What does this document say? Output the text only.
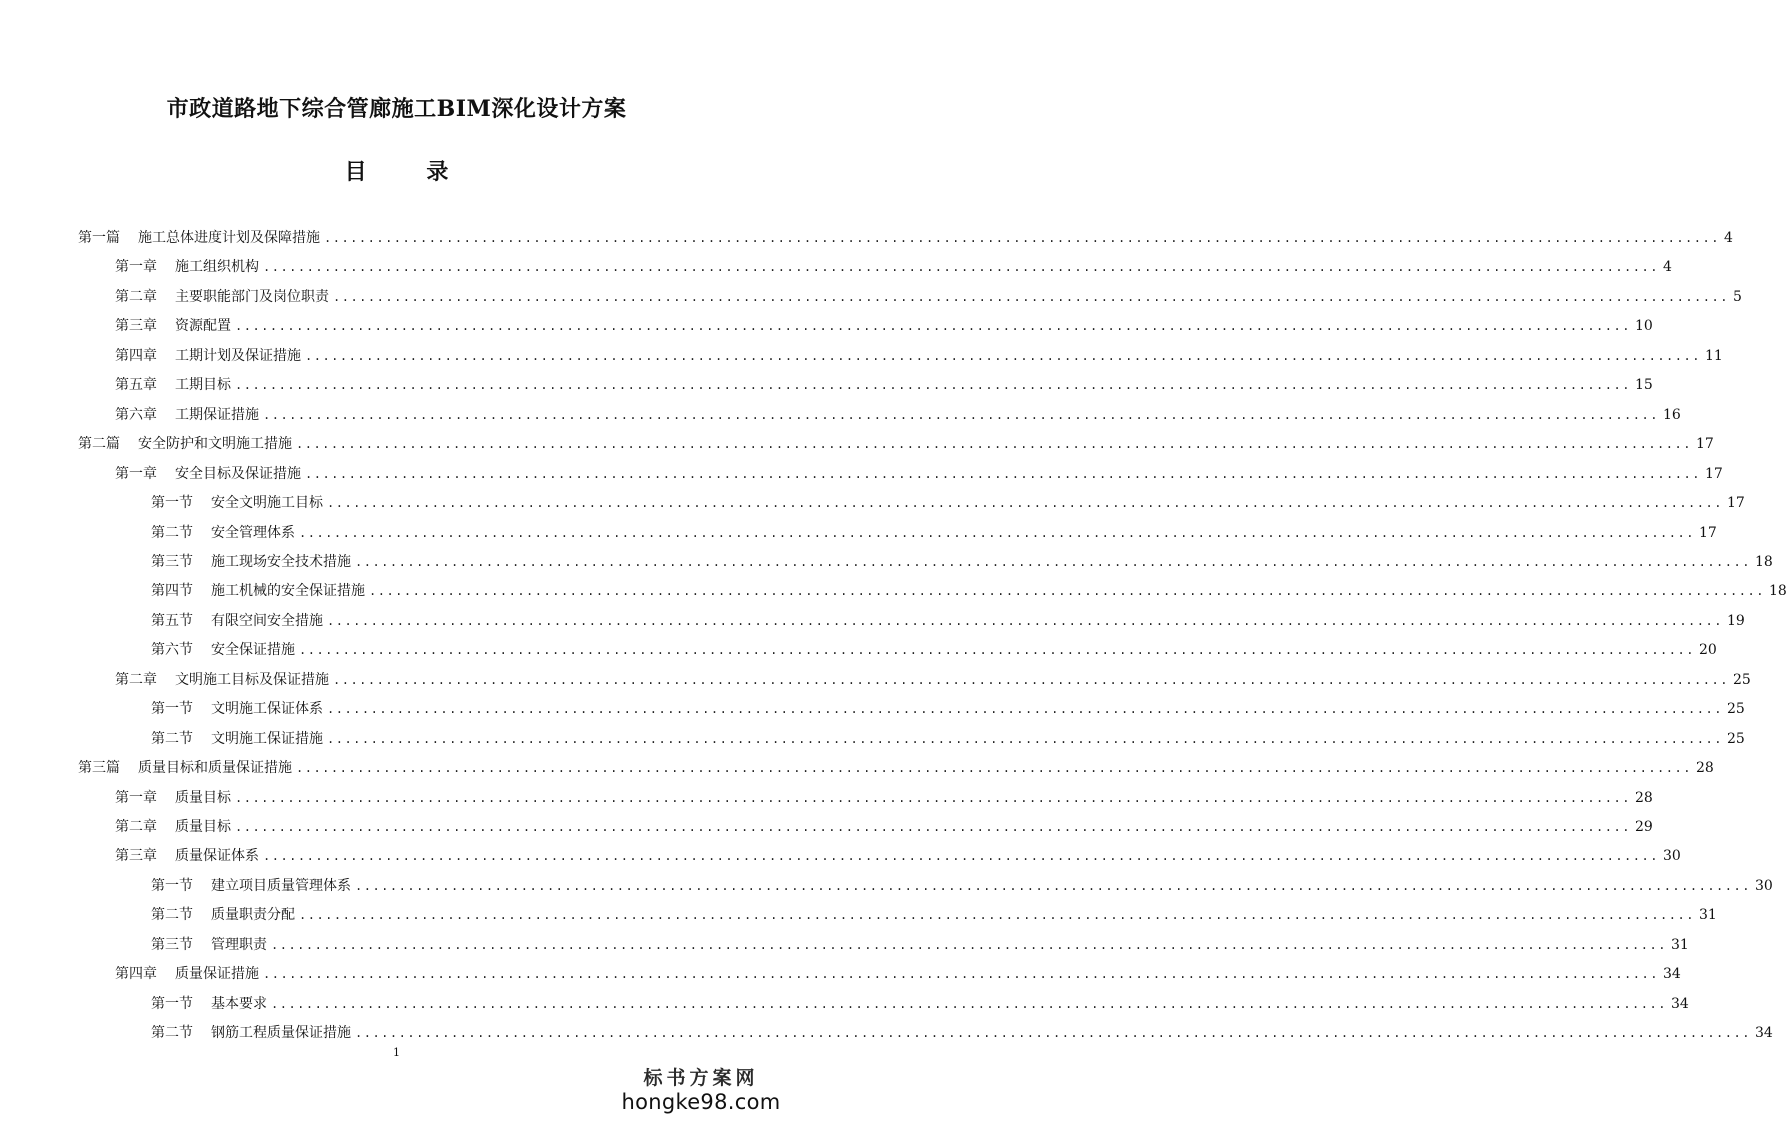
市政道路地下综合管廊施工BIM深化设计方案
目 录
第一篇 施工总体进度计划及保障措施 ................................................................................................................................................................ 4
第一章 施工组织机构 ................................................................................................................................................................ 4
第二章 主要职能部门及岗位职责 ................................................................................................................................................................ 5
第三章 资源配置 ................................................................................................................................................................ 10
第四章 工期计划及保证措施 ................................................................................................................................................................ 11
第五章 工期目标 ................................................................................................................................................................ 15
第六章 工期保证措施 ................................................................................................................................................................ 16
第二篇 安全防护和文明施工措施 ................................................................................................................................................................ 17
第一章 安全目标及保证措施 ................................................................................................................................................................ 17
第一节 安全文明施工目标 ................................................................................................................................................................ 17
第二节 安全管理体系 ................................................................................................................................................................ 17
第三节 施工现场安全技术措施 ................................................................................................................................................................ 18
第四节 施工机械的安全保证措施 ................................................................................................................................................................ 18
第五节 有限空间安全措施 ................................................................................................................................................................ 19
第六节 安全保证措施 ................................................................................................................................................................ 20
第二章 文明施工目标及保证措施 ................................................................................................................................................................ 25
第一节 文明施工保证体系 ................................................................................................................................................................ 25
第二节 文明施工保证措施 ................................................................................................................................................................ 25
第三篇 质量目标和质量保证措施 ................................................................................................................................................................ 28
第一章 质量目标 ................................................................................................................................................................ 28
第二章 质量目标 ................................................................................................................................................................ 29
第三章 质量保证体系 ................................................................................................................................................................ 30
第一节 建立项目质量管理体系 ................................................................................................................................................................ 30
第二节 质量职责分配 ................................................................................................................................................................ 31
第三节 管理职责 ................................................................................................................................................................ 31
第四章 质量保证措施 ................................................................................................................................................................ 34
第一节 基本要求 ................................................................................................................................................................ 34
第二节 钢筋工程质量保证措施 ................................................................................................................................................................ 34
1
标书方案网
hongke98.com
